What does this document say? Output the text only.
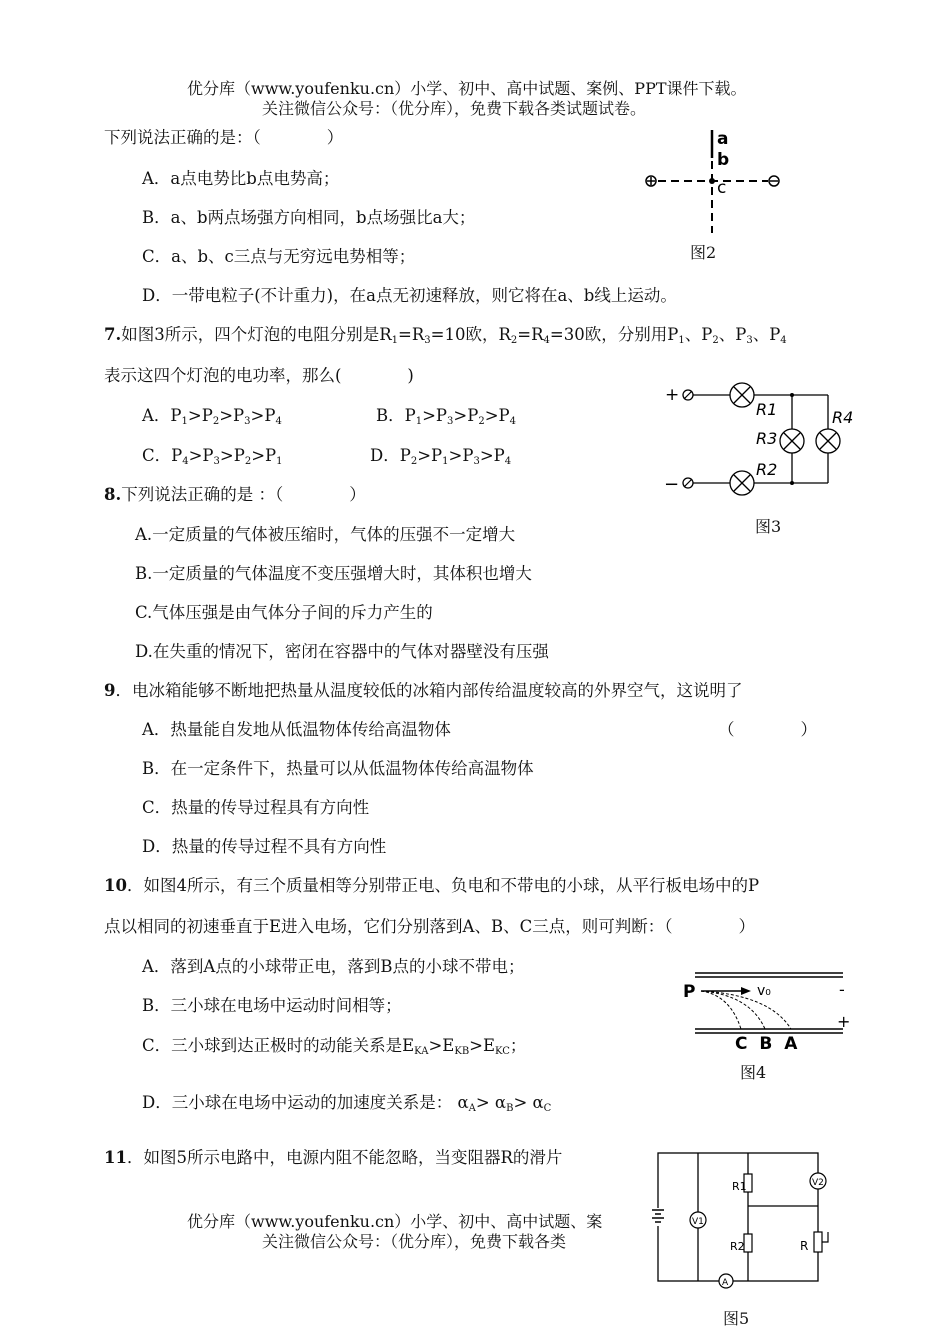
优分库（www.youfenku.cn）小学、初中、高中试题、案例、PPT课件下载。
关注微信公众号：（优分库），免费下载各类试题试卷。
下列说法正确的是：（　　　　）
A．a点电势比b点电势高；
B．a、b两点场强方向相同，b点场强比a大；
C．a、b、c三点与无穷远电势相等；
D．一带电粒子(不计重力)，在a点无初速释放，则它将在a、b线上运动。
a
b
c
图2
7.如图3所示，四个灯泡的电阻分别是$R_1=R_3=10$欧，$R_2=R_4=30$欧，分别用$P_1$、$P_2$、$P_3$、$P_4$
表示这四个灯泡的电功率，那么(　　　　)
A．$P_1>P_2>P_3>P_4$	B．$P_1>P_3>P_2>P_4$
C．$P_4>P_3>P_2>P_1$	D．$P_2>P_1>P_3>P_4$
+
−
R1
R3
R2
R4
图3
8.下列说法正确的是 ：（　　　　）
A.一定质量的气体被压缩时，气体的压强不一定增大
B.一定质量的气体温度不变压强增大时，其体积也增大
C.气体压强是由气体分子间的斥力产生的
D.在失重的情况下，密闭在容器中的气体对器壁没有压强
9．电冰箱能够不断地把热量从温度较低的冰箱内部传给温度较高的外界空气，这说明了
A．热量能自发地从低温物体传给高温物体	（　　　　）
B．在一定条件下，热量可以从低温物体传给高温物体
C．热量的传导过程具有方向性
D．热量的传导过程不具有方向性
10．如图4所示，有三个质量相等分别带正电、负电和不带电的小球，从平行板电场中的P
点以相同的初速垂直于E进入电场，它们分别落到A、B、C三点，则可判断：（　　　　）
A．落到A点的小球带正电，落到B点的小球不带电；
B．三小球在电场中运动时间相等；
C．三小球到达正极时的动能关系是$E_{KA}>E_{KB}>E_{KC}$；
D．三小球在电场中运动的加速度关系是： $\alpha_A> \alpha_B> \alpha_C$
-
+
P	v₀
C B A
图4
11．如图5所示电路中，电源内阻不能忽略，当变阻器R的滑片
优分库（www.youfenku.cn）小学、初中、高中试题、案
关注微信公众号：（优分库），免费下载各类
V1
R1
R2
V2
R
A
图5
